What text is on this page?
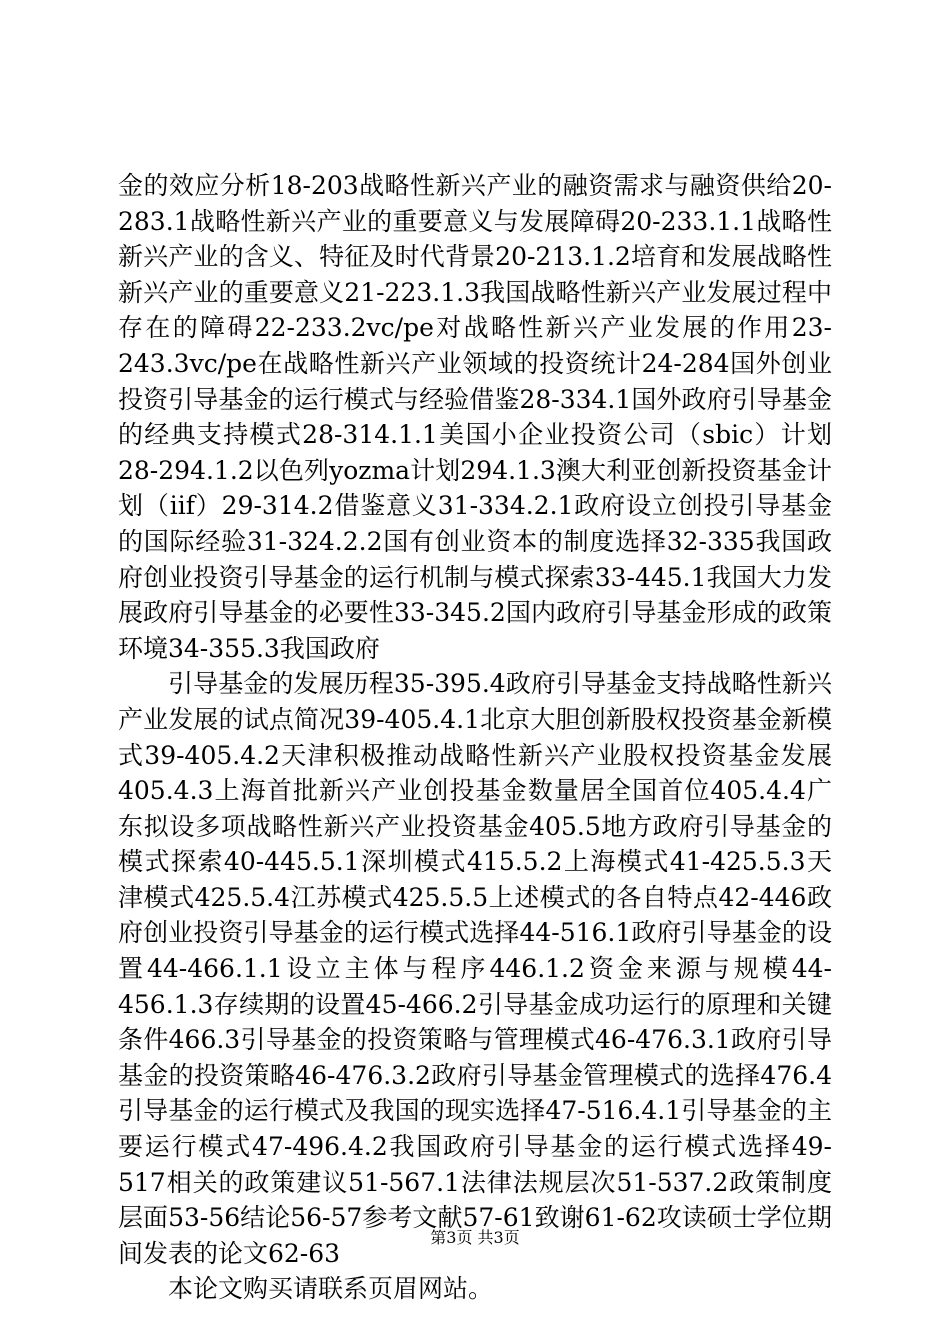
金的效应分析18-203战略性新兴产业的融资需求与融资供给20-283.1战略性新兴产业的重要意义与发展障碍20-233.1.1战略性新兴产业的含义、特征及时代背景20-213.1.2培育和发展战略性新兴产业的重要意义21-223.1.3我国战略性新兴产业发展过程中存在的障碍22-233.2vc/pe对战略性新兴产业发展的作用23-243.3vc/pe在战略性新兴产业领域的投资统计24-284国外创业投资引导基金的运行模式与经验借鉴28-334.1国外政府引导基金的经典支持模式28-314.1.1美国小企业投资公司（sbic）计划28-294.1.2以色列yozma计划294.1.3澳大利亚创新投资基金计划（iif）29-314.2借鉴意义31-334.2.1政府设立创投引导基金的国际经验31-324.2.2国有创业资本的制度选择32-335我国政府创业投资引导基金的运行机制与模式探索33-445.1我国大力发展政府引导基金的必要性33-345.2国内政府引导基金形成的政策环境34-355.3我国政府

引导基金的发展历程35-395.4政府引导基金支持战略性新兴产业发展的试点简况39-405.4.1北京大胆创新股权投资基金新模式39-405.4.2天津积极推动战略性新兴产业股权投资基金发展405.4.3上海首批新兴产业创投基金数量居全国首位405.4.4广东拟设多项战略性新兴产业投资基金405.5地方政府引导基金的模式探索40-445.5.1深圳模式415.5.2上海模式41-425.5.3天津模式425.5.4江苏模式425.5.5上述模式的各自特点42-446政府创业投资引导基金的运行模式选择44-516.1政府引导基金的设置44-466.1.1设立主体与程序446.1.2资金来源与规模44-456.1.3存续期的设置45-466.2引导基金成功运行的原理和关键条件466.3引导基金的投资策略与管理模式46-476.3.1政府引导基金的投资策略46-476.3.2政府引导基金管理模式的选择476.4引导基金的运行模式及我国的现实选择47-516.4.1引导基金的主要运行模式47-496.4.2我国政府引导基金的运行模式选择49-517相关的政策建议51-567.1法律法规层次51-537.2政策制度层面53-56结论56-57参考文献57-61致谢61-62攻读硕士学位期间发表的论文62-63

本论文购买请联系页眉网站。

第3页 共3页
